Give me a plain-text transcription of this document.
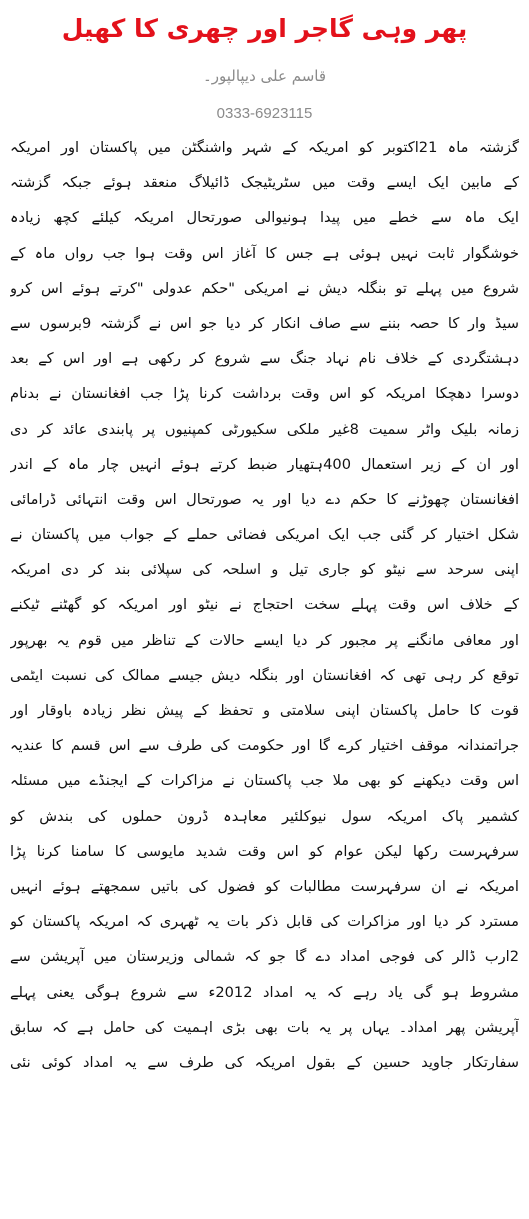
پھر وہی گاجر اور چھری کا کھیل
قاسم علی دیپالپور۔
0333-6923115
گزشتہ ماہ 21اکتوبر کو امریکہ کے شہر واشنگٹن میں پاکستان اور امریکہ
کے مابین ایک ایسے وقت میں سٹریٹیجک ڈائیلاگ منعقد ہوئے جبکہ گزشتہ
ایک ماہ سے خطے میں پیدا ہونیوالی صورتحال امریکہ کیلئے کچھ زیادہ
خوشگوار ثابت نہیں ہوئی ہے جس کا آغاز اس وقت ہوا جب رواں ماہ کے
شروع میں پہلے تو بنگلہ دیش نے امریکی "حکم عدولی "کرتے ہوئے اس کرو
سیڈ وار کا حصہ بننے سے صاف انکار کر دیا جو اس نے گزشتہ 9برسوں سے
دہشتگردی کے خلاف نام نہاد جنگ سے شروع کر رکھی ہے اور اس کے بعد
دوسرا دھچکا امریکہ کو اس وقت برداشت کرنا پڑا جب افغانستان نے بدنام
زمانہ بلیک واٹر سمیت 8غیر ملکی سکیورٹی کمپنیوں پر پابندی عائد کر دی
اور ان کے زیر استعمال 400ہتھیار ضبط کرتے ہوئے انہیں چار ماہ کے اندر
افغانستان چھوڑنے کا حکم دے دیا اور یہ صورتحال اس وقت انتہائی ڈرامائی
شکل اختیار کر گئی جب ایک امریکی فضائی حملے کے جواب میں پاکستان نے
اپنی سرحد سے نیٹو کو جاری تیل و اسلحہ کی سپلائی بند کر دی امریکہ
کے خلاف اس وقت پہلے سخت احتجاج نے نیٹو اور امریکہ کو گھٹنے ٹیکنے
اور معافی مانگنے پر مجبور کر دیا ایسے حالات کے تناظر میں قوم یہ بھرپور
توقع کر رہی تھی کہ افغانستان اور بنگلہ دیش جیسے ممالک کی نسبت ایٹمی
قوت کا حامل پاکستان اپنی سلامتی و تحفظ کے پیش نظر زیادہ باوقار اور
جراتمندانہ موقف اختیار کرے گا اور حکومت کی طرف سے اس قسم کا عندیہ
اس وقت دیکھنے کو بھی ملا جب پاکستان نے مزاکرات کے ایجنڈے میں مسئلہ
کشمیر پاک امریکہ سول نیوکلئیر معاہدہ ڈرون حملوں کی بندش کو
سرفہرست رکھا لیکن عوام کو اس وقت شدید مایوسی کا سامنا کرنا پڑا
امریکہ نے ان سرفہرست مطالبات کو فضول کی باتیں سمجھتے ہوئے انہیں
مسترد کر دیا اور مزاکرات کی قابل ذکر بات یہ ٹھہری کہ امریکہ پاکستان کو
2ارب ڈالر کی فوجی امداد دے گا جو کہ شمالی وزیرستان میں آپریشن سے
مشروط ہو گی یاد رہے کہ یہ امداد 2012ء سے شروع ہوگی یعنی پہلے
آپریشن پھر امداد۔ یہاں پر یہ بات بھی بڑی اہمیت کی حامل ہے کہ سابق
سفارتکار جاوید حسین کے بقول امریکہ کی طرف سے یہ امداد کوئی نئی
